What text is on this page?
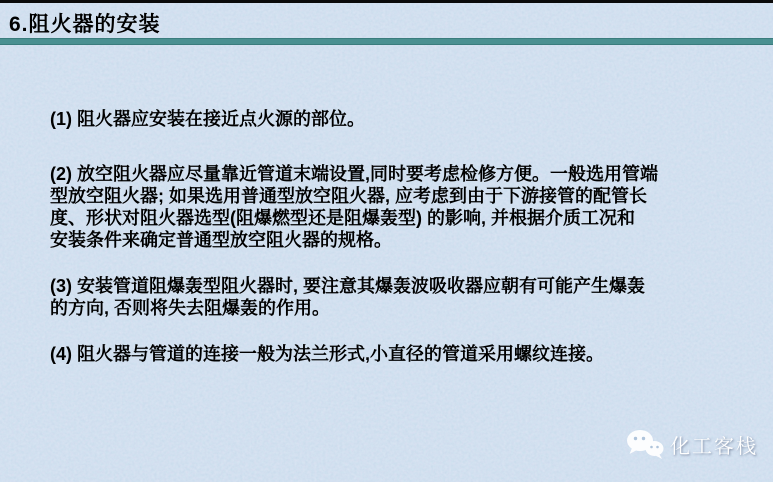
6.阻火器的安装
(1) 阻火器应安装在接近点火源的部位。
(2) 放空阻火器应尽量靠近管道末端设置,同时要考虑检修方便。一般选用管端
型放空阻火器; 如果选用普通型放空阻火器, 应考虑到由于下游接管的配管长
度、形状对阻火器选型(阻爆燃型还是阻爆轰型) 的影响, 并根据介质工况和
安装条件来确定普通型放空阻火器的规格。
(3) 安装管道阻爆轰型阻火器时, 要注意其爆轰波吸收器应朝有可能产生爆轰
的方向, 否则将失去阻爆轰的作用。
(4) 阻火器与管道的连接一般为法兰形式,小直径的管道采用螺纹连接。
化工客栈
